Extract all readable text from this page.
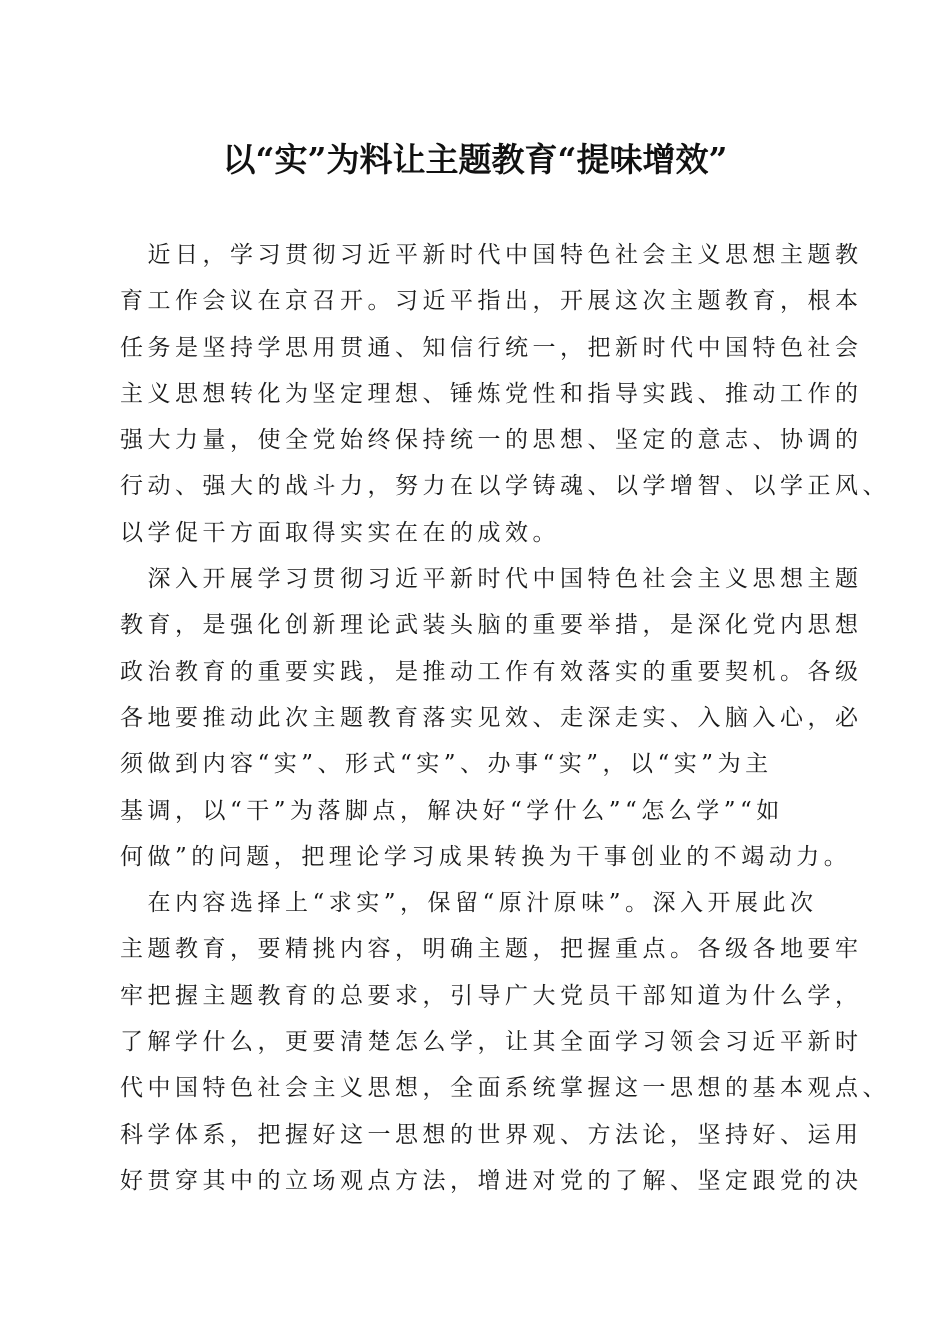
以“实”为料让主题教育“提味增效”
　近日，学习贯彻习近平新时代中国特色社会主义思想主题教
育工作会议在京召开。习近平指出，开展这次主题教育，根本
任务是坚持学思用贯通、知信行统一，把新时代中国特色社会
主义思想转化为坚定理想、锤炼党性和指导实践、推动工作的
强大力量，使全党始终保持统一的思想、坚定的意志、协调的
行动、强大的战斗力，努力在以学铸魂、以学增智、以学正风、
以学促干方面取得实实在在的成效。
　深入开展学习贯彻习近平新时代中国特色社会主义思想主题
教育，是强化创新理论武装头脑的重要举措，是深化党内思想
政治教育的重要实践，是推动工作有效落实的重要契机。各级
各地要推动此次主题教育落实见效、走深走实、入脑入心，必
须做到内容“实”、形式“实”、办事“实”，以“实”为主
基调，以“干”为落脚点，解决好“学什么”“怎么学”“如
何做”的问题，把理论学习成果转换为干事创业的不竭动力。
　在内容选择上“求实”，保留“原汁原味”。深入开展此次
主题教育，要精挑内容，明确主题，把握重点。各级各地要牢
牢把握主题教育的总要求，引导广大党员干部知道为什么学，
了解学什么，更要清楚怎么学，让其全面学习领会习近平新时
代中国特色社会主义思想，全面系统掌握这一思想的基本观点、
科学体系，把握好这一思想的世界观、方法论，坚持好、运用
好贯穿其中的立场观点方法，增进对党的了解、坚定跟党的决
